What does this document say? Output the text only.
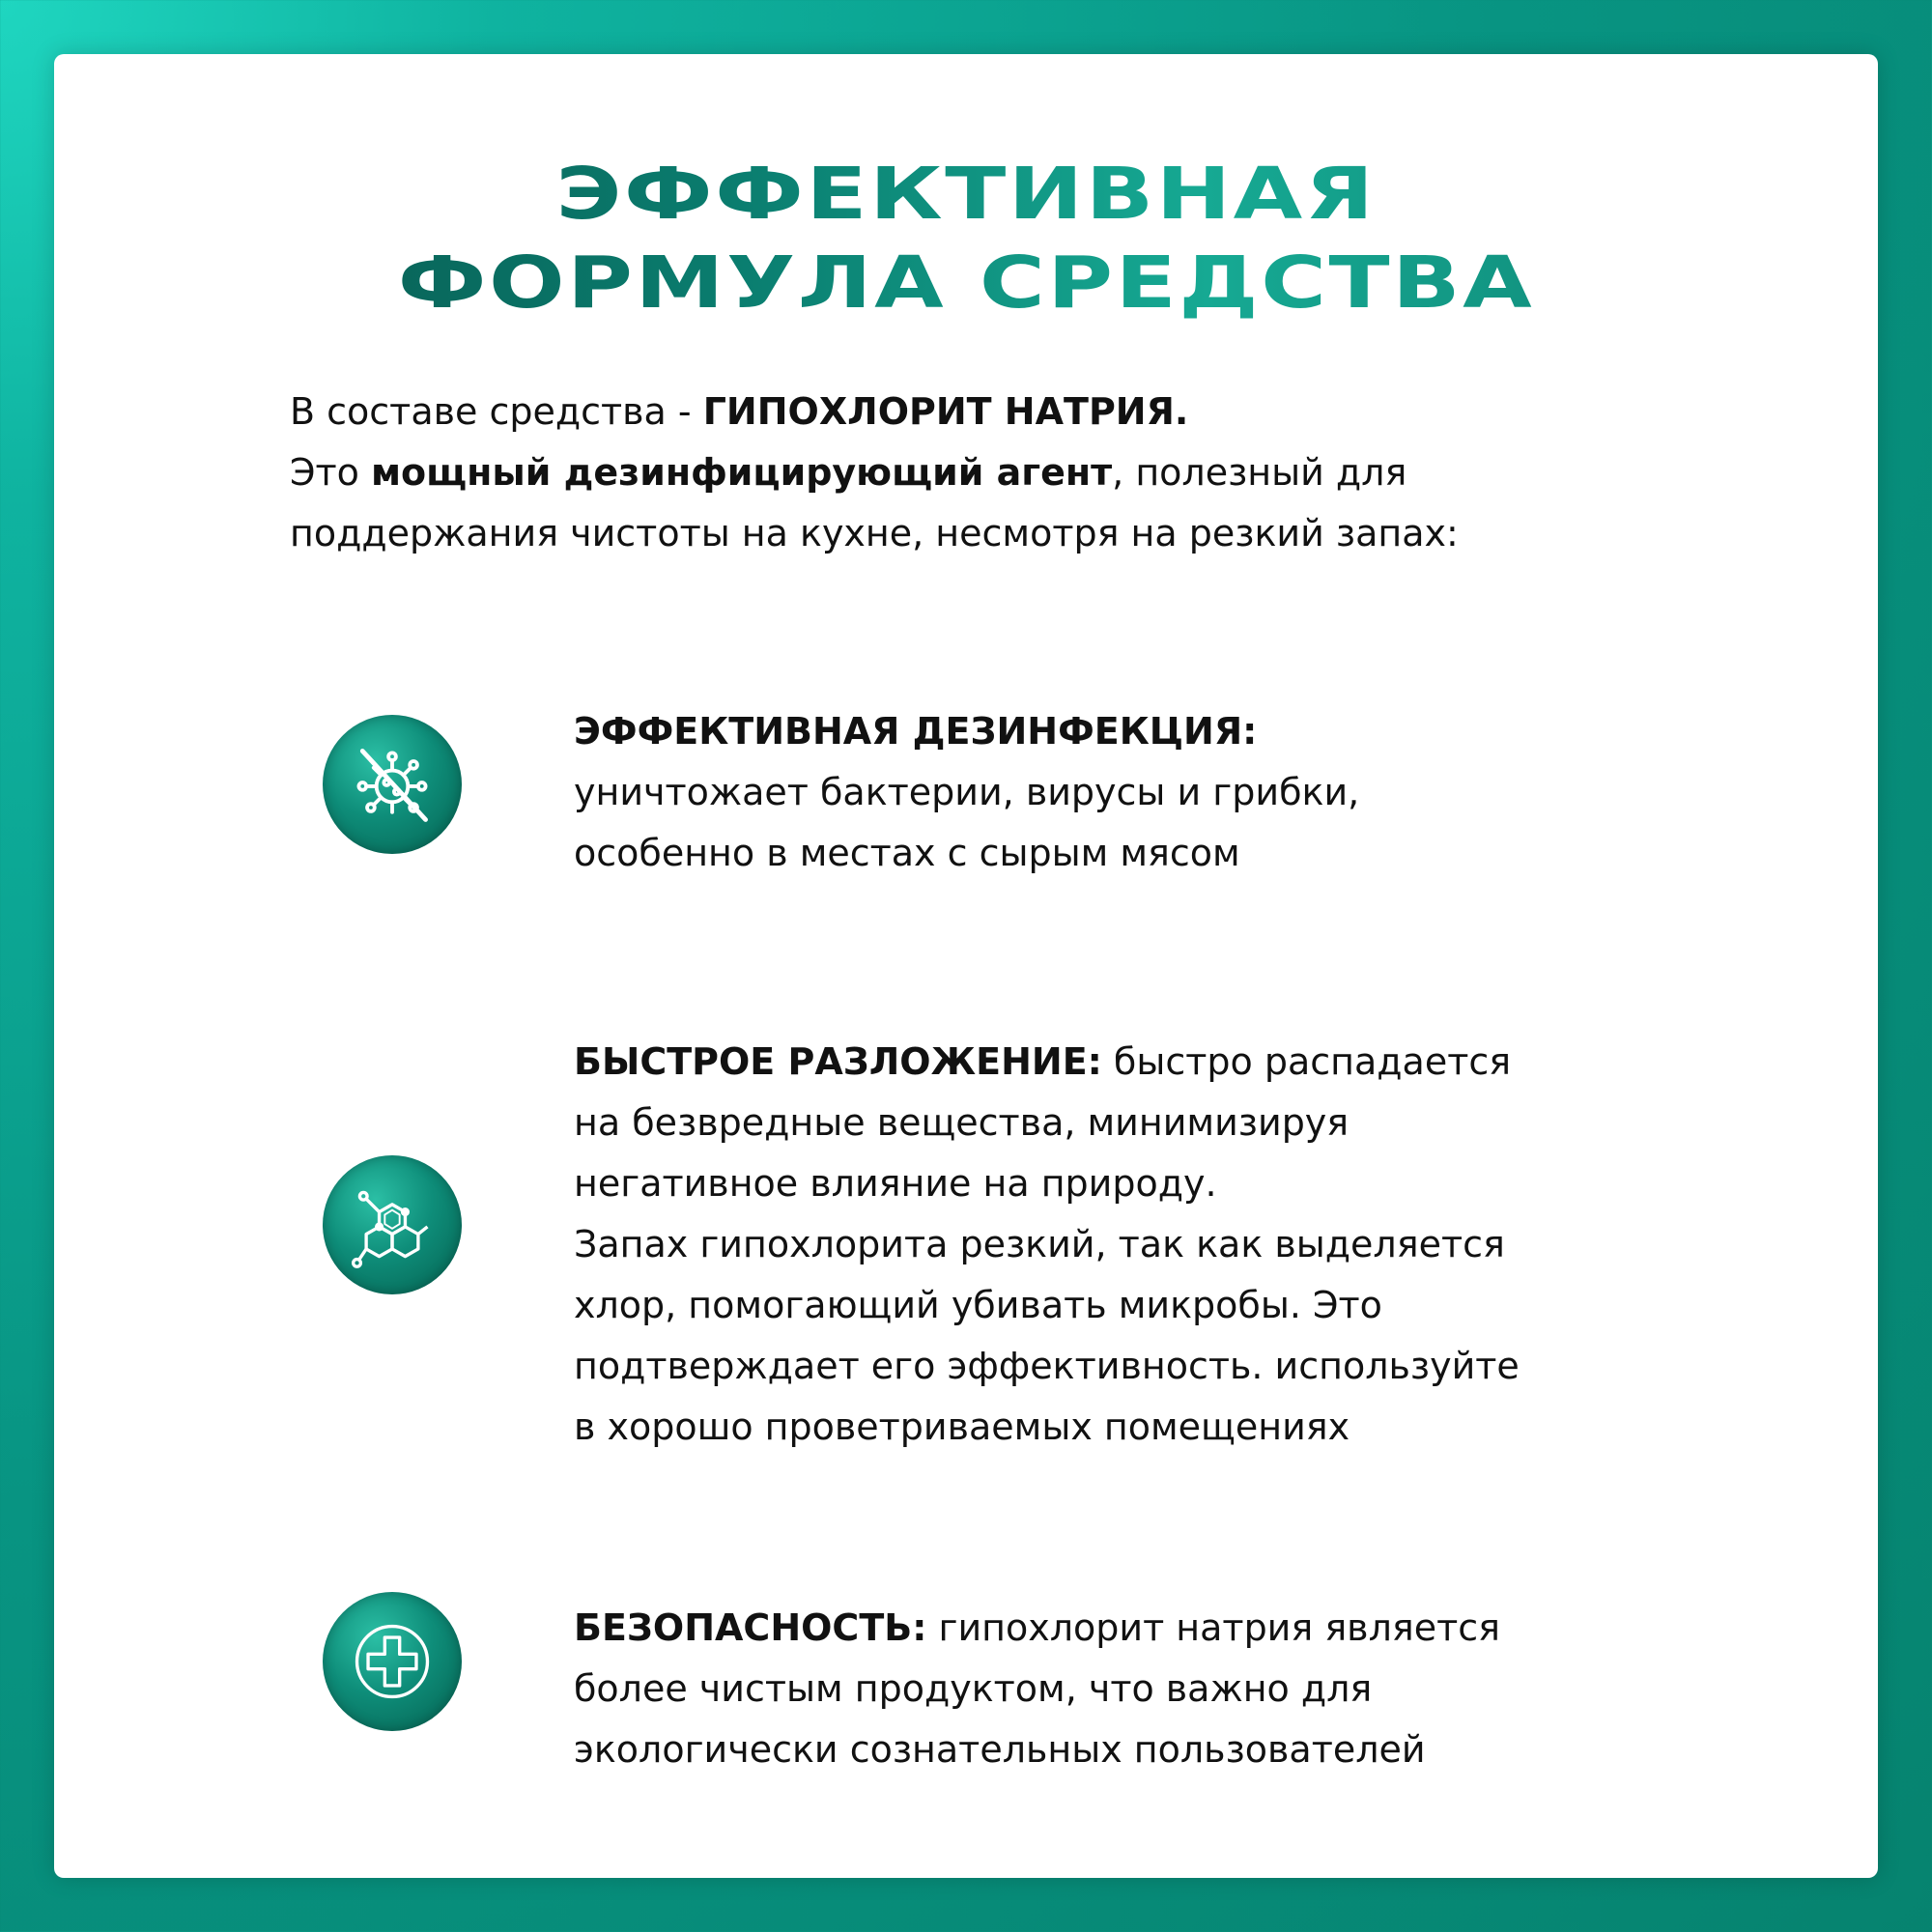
ЭФФЕКТИВНАЯ
ФОРМУЛА СРЕДСТВА
В составе средства - ГИПОХЛОРИТ НАТРИЯ.
Это мощный дезинфицирующий агент, полезный для поддержания чистоты на кухне, несмотря на резкий запах:
ЭФФЕКТИВНАЯ ДЕЗИНФЕКЦИЯ:
уничтожает бактерии, вирусы и грибки,
особенно в местах с сырым мясом
БЫСТРОЕ РАЗЛОЖЕНИЕ: быстро распадается
на безвредные вещества, минимизируя
негативное влияние на природу.
Запах гипохлорита резкий, так как выделяется
хлор, помогающий убивать микробы. Это
подтверждает его эффективность. используйте
в хорошо проветриваемых помещениях
БЕЗОПАСНОСТЬ: гипохлорит натрия является
более чистым продуктом, что важно для
экологически сознательных пользователей
